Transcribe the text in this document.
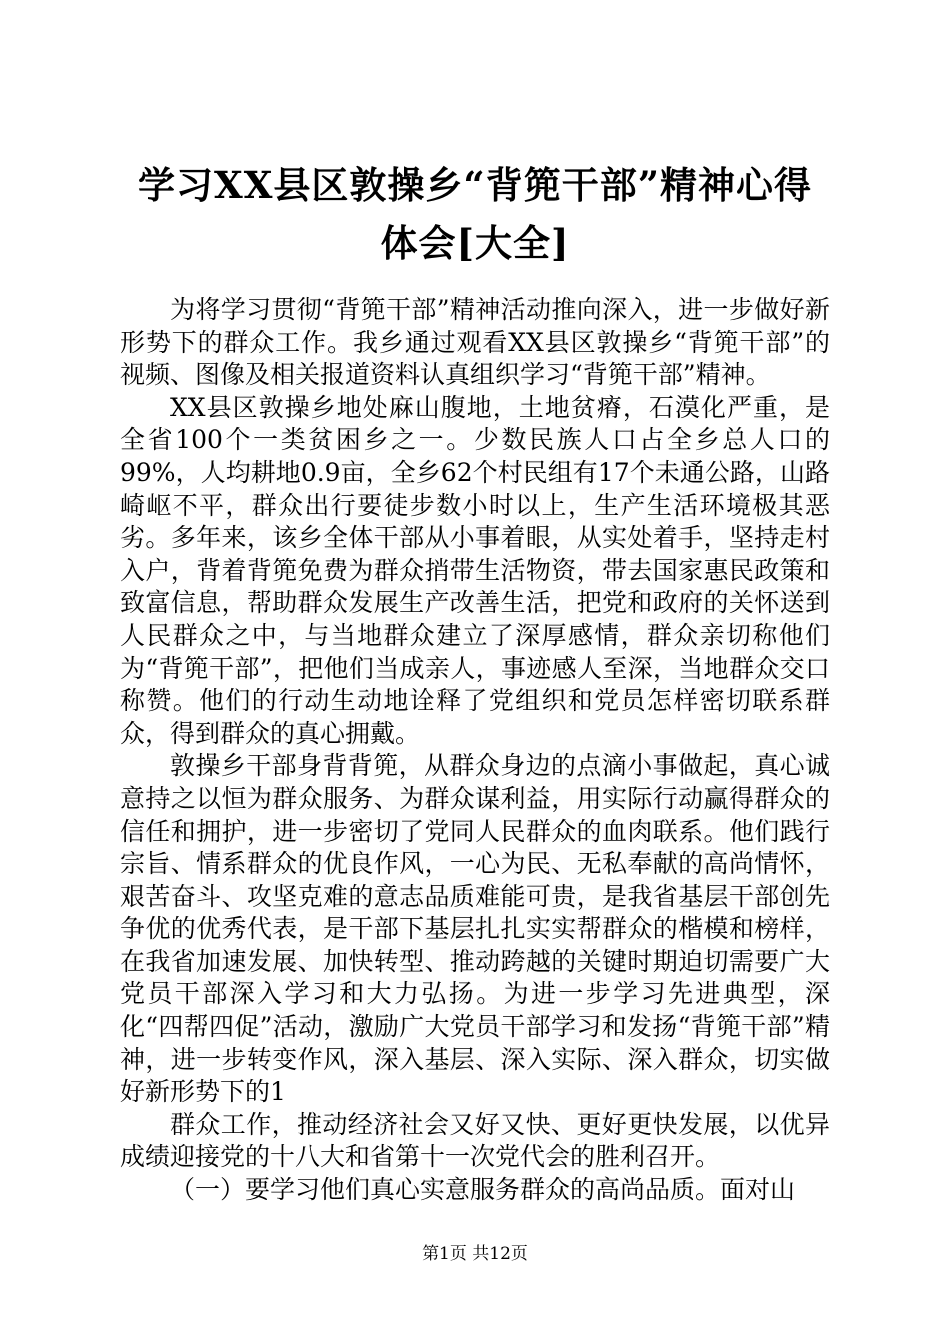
学习XX县区敦操乡“背篼干部”精神心得体会[大全]

为将学习贯彻“背篼干部”精神活动推向深入，进一步做好新形势下的群众工作。我乡通过观看XX县区敦操乡“背篼干部”的视频、图像及相关报道资料认真组织学习“背篼干部”精神。

XX县区敦操乡地处麻山腹地，土地贫瘠，石漠化严重，是全省100个一类贫困乡之一。少数民族人口占全乡总人口的99%，人均耕地0.9亩，全乡62个村民组有17个未通公路，山路崎岖不平，群众出行要徒步数小时以上，生产生活环境极其恶劣。多年来，该乡全体干部从小事着眼，从实处着手，坚持走村入户，背着背篼免费为群众捎带生活物资，带去国家惠民政策和致富信息，帮助群众发展生产改善生活，把党和政府的关怀送到人民群众之中，与当地群众建立了深厚感情，群众亲切称他们为“背篼干部”，把他们当成亲人，事迹感人至深，当地群众交口称赞。他们的行动生动地诠释了党组织和党员怎样密切联系群众，得到群众的真心拥戴。

敦操乡干部身背背篼，从群众身边的点滴小事做起，真心诚意持之以恒为群众服务、为群众谋利益，用实际行动赢得群众的信任和拥护，进一步密切了党同人民群众的血肉联系。他们践行宗旨、情系群众的优良作风，一心为民、无私奉献的高尚情怀，艰苦奋斗、攻坚克难的意志品质难能可贵，是我省基层干部创先争优的优秀代表，是干部下基层扎扎实实帮群众的楷模和榜样，在我省加速发展、加快转型、推动跨越的关键时期迫切需要广大党员干部深入学习和大力弘扬。为进一步学习先进典型，深化“四帮四促”活动，激励广大党员干部学习和发扬“背篼干部”精神，进一步转变作风，深入基层、深入实际、深入群众，切实做好新形势下的1

群众工作，推动经济社会又好又快、更好更快发展，以优异成绩迎接党的十八大和省第十一次党代会的胜利召开。

（一）要学习他们真心实意服务群众的高尚品质。面对山

第1页 共12页
